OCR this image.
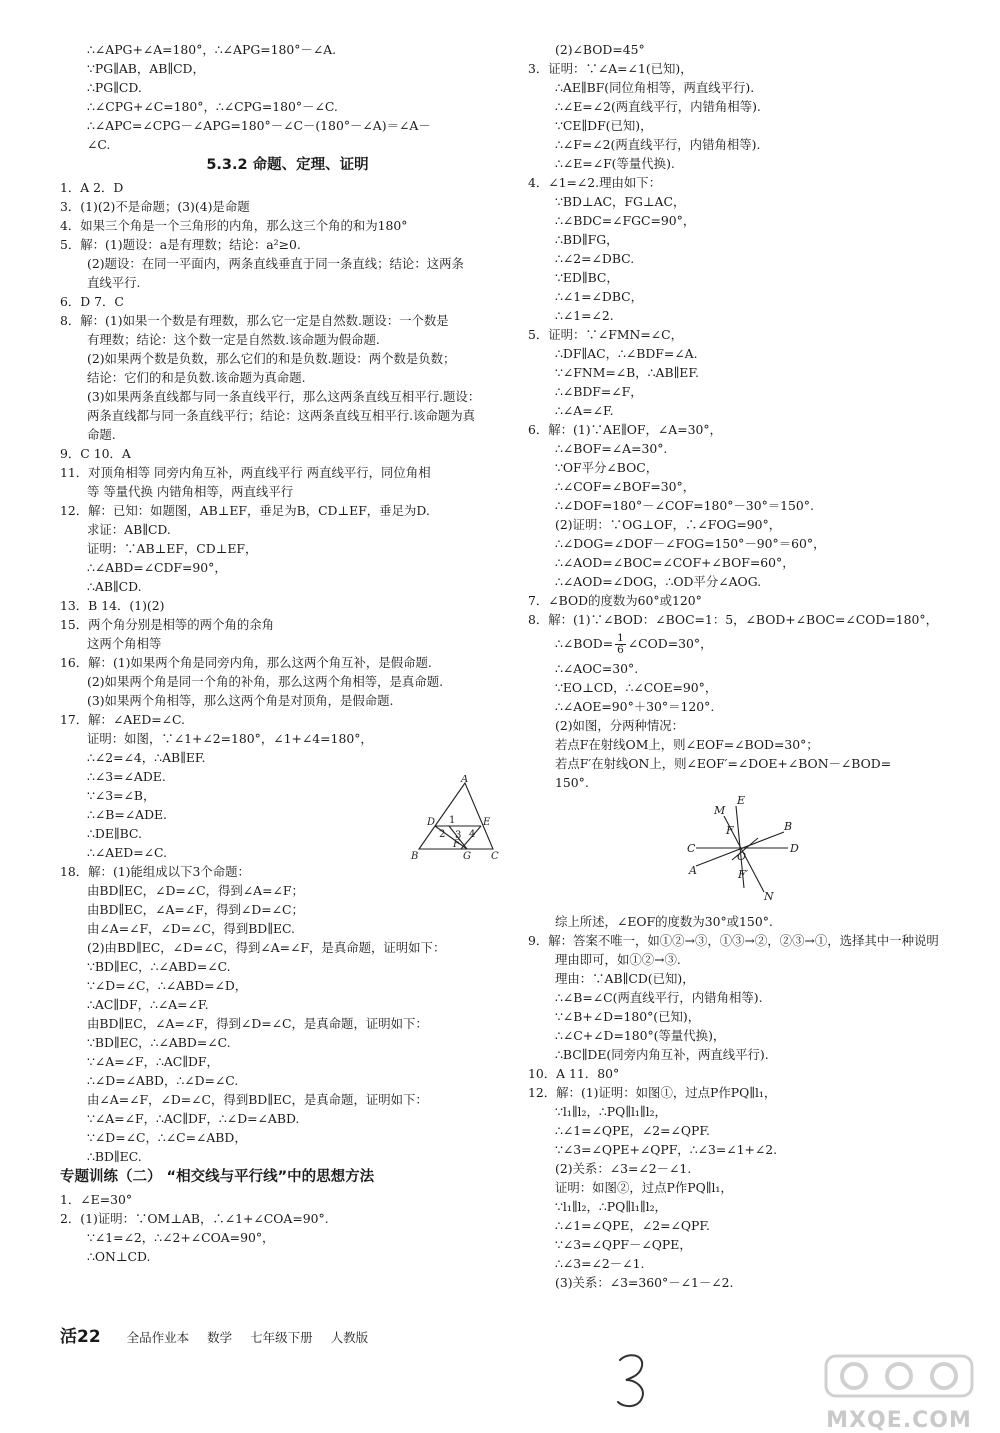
∴∠APG+∠A=180°，∴∠APG=180°－∠A.
∵PG∥AB，AB∥CD，
∴PG∥CD.
∴∠CPG+∠C=180°，∴∠CPG=180°－∠C.
∴∠APC=∠CPG－∠APG=180°－∠C－(180°－∠A)＝∠A－
∠C.
5.3.2 命题、定理、证明
1．A 2．D
3．(1)(2)不是命题；(3)(4)是命题
4．如果三个角是一个三角形的内角，那么这三个角的和为180°
5．解：(1)题设：a是有理数；结论：a²≥0.
(2)题设：在同一平面内，两条直线垂直于同一条直线；结论：这两条
直线平行.
6．D 7．C
8．解：(1)如果一个数是有理数，那么它一定是自然数.题设：一个数是
有理数；结论：这个数一定是自然数.该命题为假命题.
(2)如果两个数是负数，那么它们的和是负数.题设：两个数是负数；
结论：它们的和是负数.该命题为真命题.
(3)如果两条直线都与同一条直线平行，那么这两条直线互相平行.题设：
两条直线都与同一条直线平行；结论：这两条直线互相平行.该命题为真
命题.
9．C 10．A
11．对顶角相等 同旁内角互补，两直线平行 两直线平行，同位角相
等 等量代换 内错角相等，两直线平行
12．解：已知：如题图，AB⊥EF，垂足为B，CD⊥EF，垂足为D.
求证：AB∥CD.
证明：∵AB⊥EF，CD⊥EF，
∴∠ABD=∠CDF=90°，
∴AB∥CD.
13．B 14．(1)(2)
15．两个角分别是相等的两个角的余角
这两个角相等
16．解：(1)如果两个角是同旁内角，那么这两个角互补，是假命题.
(2)如果两个角是同一个角的补角，那么这两个角相等，是真命题.
(3)如果两个角相等，那么这两个角是对顶角，是假命题.
17．解：∠AED=∠C.
证明：如图，∵∠1+∠2=180°，∠1+∠4=180°，
∴∠2=∠4，∴AB∥EF.
∴∠3=∠ADE.
∵∠3=∠B，
∴∠B=∠ADE.
∴DE∥BC.
∴∠AED=∠C.
18．解：(1)能组成以下3个命题：
由BD∥EC，∠D=∠C，得到∠A=∠F；
由BD∥EC，∠A=∠F，得到∠D=∠C；
由∠A=∠F，∠D=∠C，得到BD∥EC.
(2)由BD∥EC，∠D=∠C，得到∠A=∠F，是真命题，证明如下：
∵BD∥EC，∴∠ABD=∠C.
∵∠D=∠C，∴∠ABD=∠D，
∴AC∥DF，∴∠A=∠F.
由BD∥EC，∠A=∠F，得到∠D=∠C，是真命题，证明如下：
∵BD∥EC，∴∠ABD=∠C.
∵∠A=∠F，∴AC∥DF，
∴∠D=∠ABD，∴∠D=∠C.
由∠A=∠F，∠D=∠C，得到BD∥EC，是真命题，证明如下：
∵∠A=∠F，∴AC∥DF，∴∠D=∠ABD.
∵∠D=∠C，∴∠C=∠ABD，
∴BD∥EC.
专题训练（二） “相交线与平行线”中的思想方法
1．∠E=30°
2．(1)证明：∵OM⊥AB，∴∠1+∠COA=90°.
∵∠1=∠2，∴∠2+∠COA=90°，
∴ON⊥CD.
(2)∠BOD=45°
3．证明：∵∠A=∠1(已知)，
∴AE∥BF(同位角相等，两直线平行).
∴∠E=∠2(两直线平行，内错角相等).
∵CE∥DF(已知)，
∴∠F=∠2(两直线平行，内错角相等).
∴∠E=∠F(等量代换).
4．∠1=∠2.理由如下：
∵BD⊥AC，FG⊥AC，
∴∠BDC=∠FGC=90°，
∴BD∥FG，
∴∠2=∠DBC.
∵ED∥BC，
∴∠1=∠DBC，
∴∠1=∠2.
5．证明：∵∠FMN=∠C，
∴DF∥AC，∴∠BDF=∠A.
∵∠FNM=∠B，∴AB∥EF.
∴∠BDF=∠F，
∴∠A=∠F.
6．解：(1)∵AE∥OF，∠A=30°，
∴∠BOF=∠A=30°.
∵OF平分∠BOC，
∴∠COF=∠BOF=30°，
∴∠DOF=180°－∠COF=180°－30°＝150°.
(2)证明：∵OG⊥OF，∴∠FOG=90°，
∴∠DOG=∠DOF－∠FOG=150°－90°＝60°，
∴∠AOD=∠BOC=∠COF+∠BOF=60°，
∴∠AOD=∠DOG，∴OD平分∠AOG.
7．∠BOD的度数为60°或120°
8．解：(1)∵∠BOD：∠BOC=1：5，∠BOD+∠BOC=∠COD=180°，
∴∠BOD= $\frac{1}{6}$ ∠COD=30°，
∴∠AOC=30°.
∵EO⊥CD，∴∠COE=90°，
∴∠AOE=90°＋30°＝120°.
(2)如图，分两种情况：
若点F在射线OM上，则∠EOF=∠BOD=30°；
若点F′在射线ON上，则∠EOF′=∠DOE+∠BON－∠BOD=
150°.
M
E
B
C
O
D
A	F′
N
F
综上所述，∠EOF的度数为30°或150°.
9．解：答案不唯一，如①②→③，①③→②，②③→①，选择其中一种说明
理由即可，如①②→③.
理由：∵AB∥CD(已知)，
∴∠B=∠C(两直线平行，内错角相等).
∵∠B+∠D=180°(已知)，
∴∠C+∠D=180°(等量代换)，
∴BC∥DE(同旁内角互补，两直线平行).
10．A 11．80°
12．解：(1)证明：如图①，过点P作PQ∥l₁，
∵l₁∥l₂，∴PQ∥l₁∥l₂，
∴∠1=∠QPE，∠2=∠QPF.
∵∠3=∠QPE+∠QPF，∴∠3=∠1+∠2.
(2)关系：∠3=∠2－∠1.
证明：如图②，过点P作PQ∥l₁，
∵l₁∥l₂，∴PQ∥l₁∥l₂，
∴∠1=∠QPE，∠2=∠QPF.
∵∠3=∠QPF－∠QPE，
∴∠3=∠2－∠1.
(3)关系：∠3=360°－∠1－∠2.
A
B	C
D	E
F
G
1
2 3 4
活22 全品作业本 数学 七年级下册 人教版
MXQE.COM
